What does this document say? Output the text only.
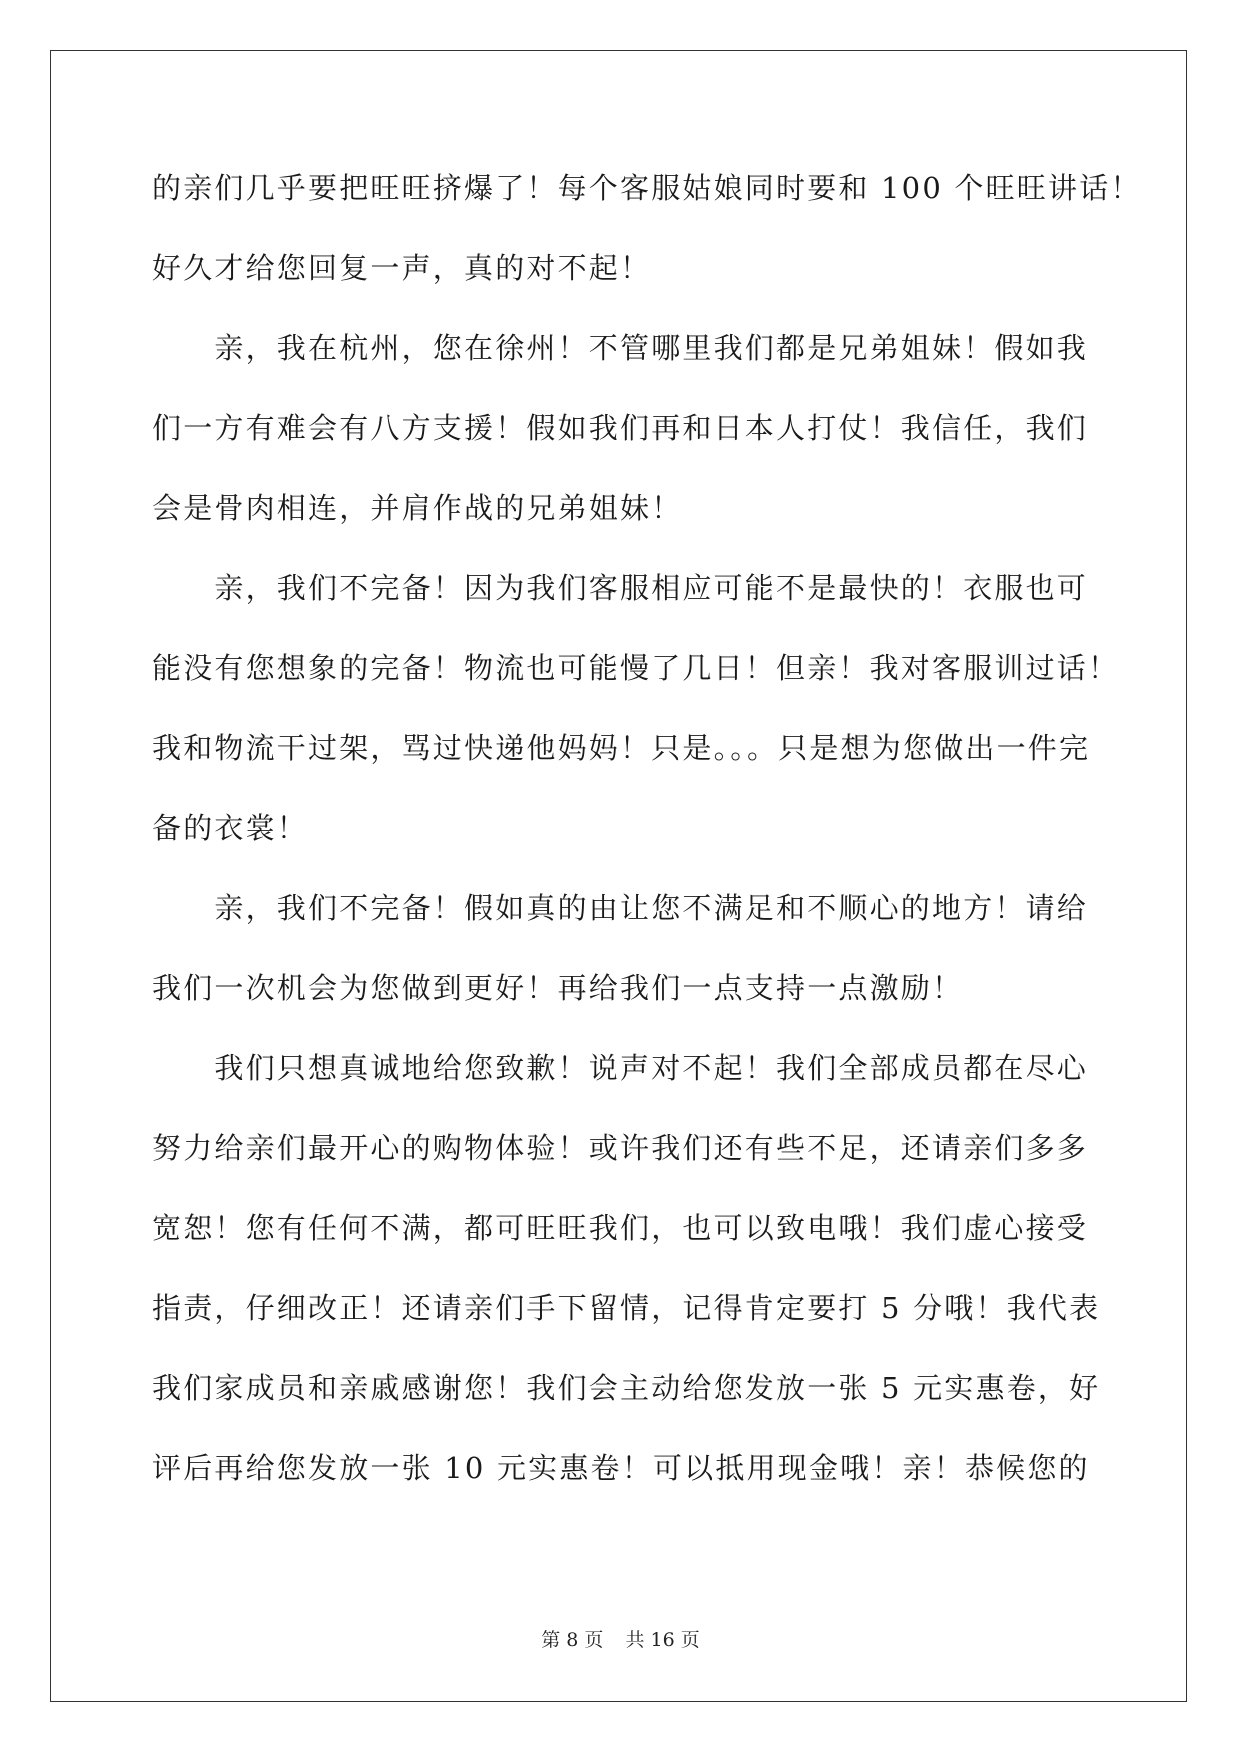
的亲们几乎要把旺旺挤爆了！每个客服姑娘同时要和 100 个旺旺讲话！
好久才给您回复一声，真的对不起！
　　亲，我在杭州，您在徐州！不管哪里我们都是兄弟姐妹！假如我
们一方有难会有八方支援！假如我们再和日本人打仗！我信任，我们
会是骨肉相连，并肩作战的兄弟姐妹！
　　亲，我们不完备！因为我们客服相应可能不是最快的！衣服也可
能没有您想象的完备！物流也可能慢了几日！但亲！我对客服训过话！
我和物流干过架，骂过快递他妈妈！只是。。。只是想为您做出一件完
备的衣裳！
　　亲，我们不完备！假如真的由让您不满足和不顺心的地方！请给
我们一次机会为您做到更好！再给我们一点支持一点激励！
　　我们只想真诚地给您致歉！说声对不起！我们全部成员都在尽心
努力给亲们最开心的购物体验！或许我们还有些不足，还请亲们多多
宽恕！您有任何不满，都可旺旺我们，也可以致电哦！我们虚心接受
指责，仔细改正！还请亲们手下留情，记得肯定要打 5 分哦！我代表
我们家成员和亲戚感谢您！我们会主动给您发放一张 5 元实惠卷，好
评后再给您发放一张 10 元实惠卷！可以抵用现金哦！亲！恭候您的
第 8 页 共 16 页
